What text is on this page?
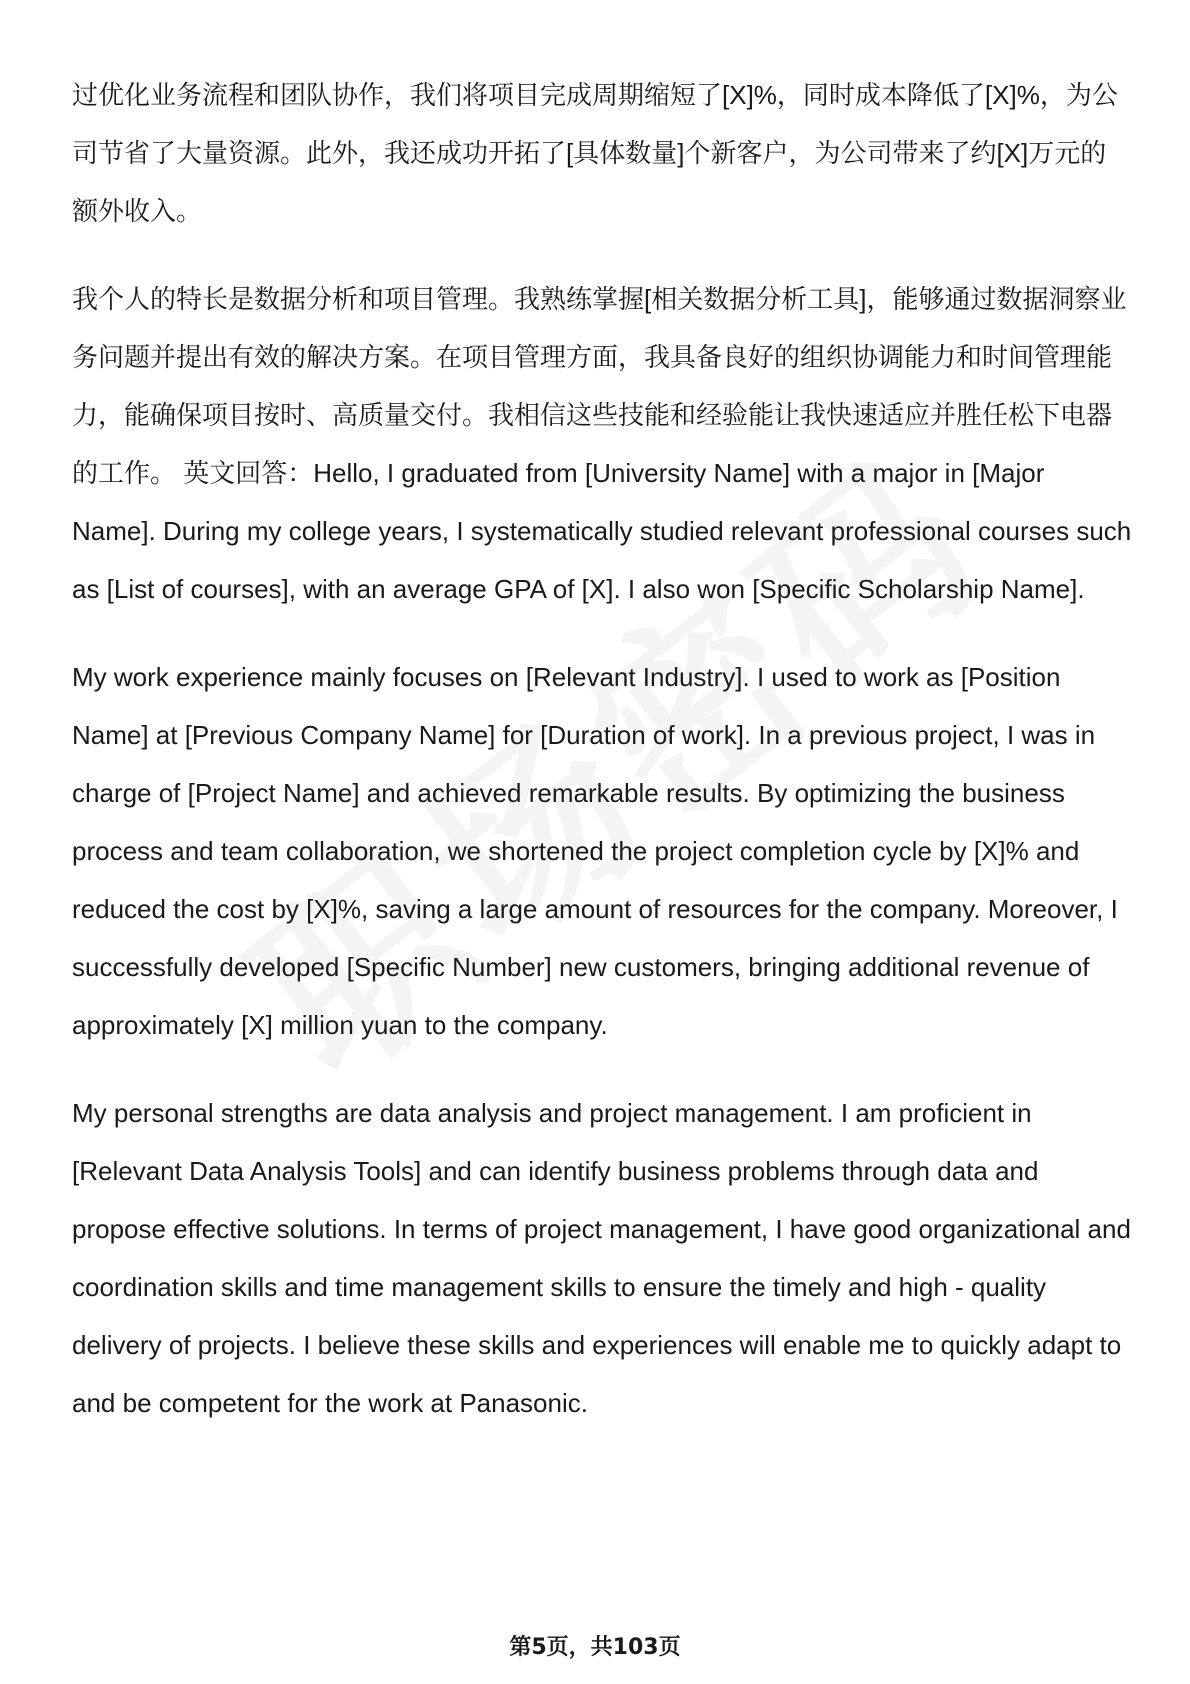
过优化业务流程和团队协作，我们将项目完成周期缩短了[X]%，同时成本降低了[X]%，为公司节省了大量资源。此外，我还成功开拓了[具体数量]个新客户，为公司带来了约[X]万元的额外收入。

我个人的特长是数据分析和项目管理。我熟练掌握[相关数据分析工具]，能够通过数据洞察业务问题并提出有效的解决方案。在项目管理方面，我具备良好的组织协调能力和时间管理能力，能确保项目按时、高质量交付。我相信这些技能和经验能让我快速适应并胜任松下电器的工作。 英文回答：Hello, I graduated from [University Name] with a major in [Major Name]. During my college years, I systematically studied relevant professional courses such as [List of courses], with an average GPA of [X]. I also won [Specific Scholarship Name].

My work experience mainly focuses on [Relevant Industry]. I used to work as [Position Name] at [Previous Company Name] for [Duration of work]. In a previous project, I was in charge of [Project Name] and achieved remarkable results. By optimizing the business process and team collaboration, we shortened the project completion cycle by [X]% and reduced the cost by [X]%, saving a large amount of resources for the company. Moreover, I successfully developed [Specific Number] new customers, bringing additional revenue of approximately [X] million yuan to the company.

My personal strengths are data analysis and project management. I am proficient in [Relevant Data Analysis Tools] and can identify business problems through data and propose effective solutions. In terms of project management, I have good organizational and coordination skills and time management skills to ensure the timely and high - quality delivery of projects. I believe these skills and experiences will enable me to quickly adapt to and be competent for the work at Panasonic.

第5页，共103页
